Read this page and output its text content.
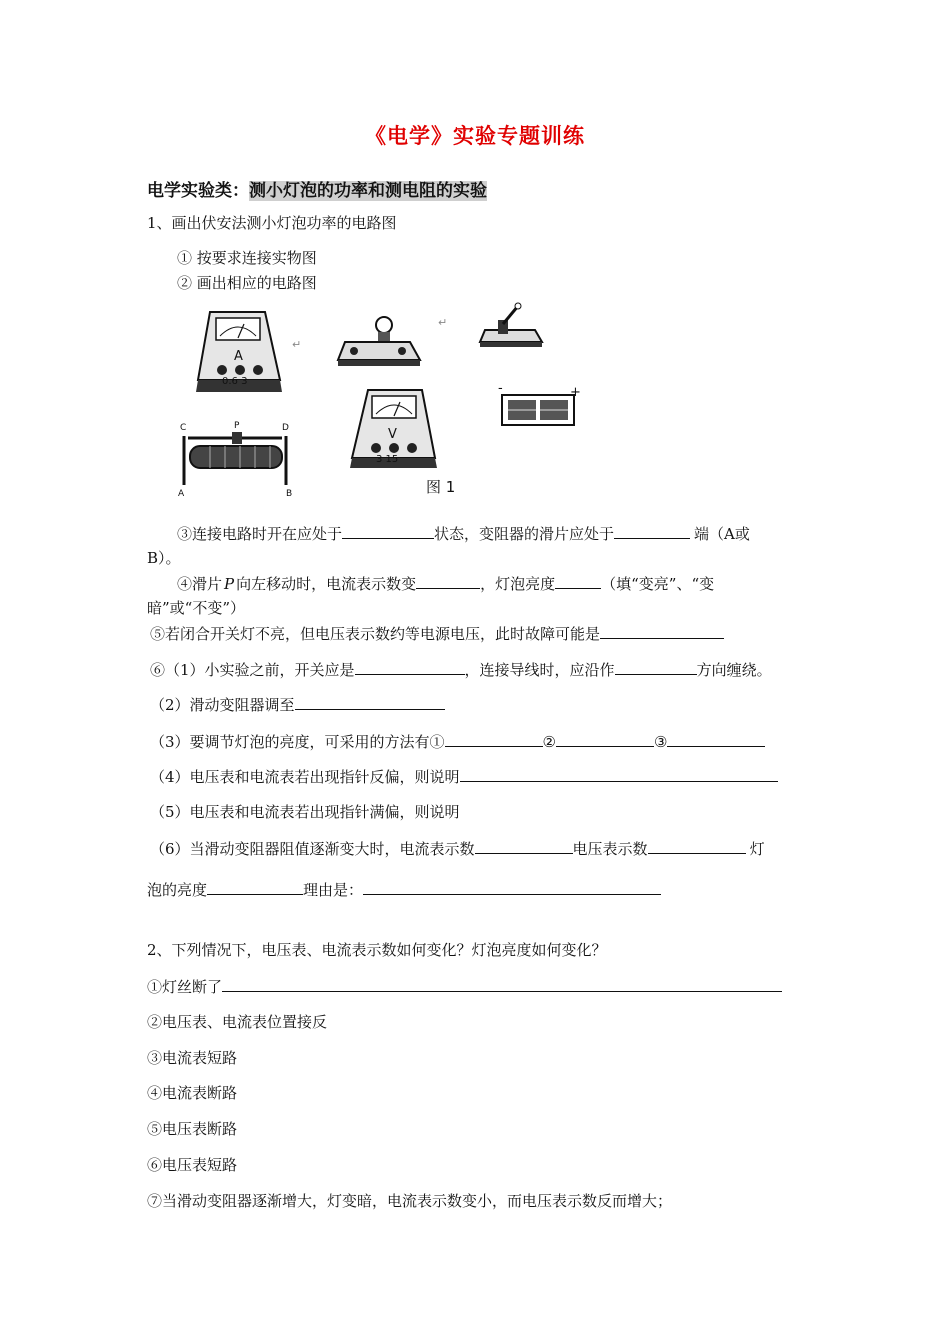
《电学》实验专题训练
电学实验类：测小灯泡的功率和测电阻的实验
1、画出伏安法测小灯泡功率的电路图
① 按要求连接实物图
② 画出相应的电路图
A
0.6 3
↵
↵
-	+
V
3 15
C	P	D
A	B	图 1
③连接电路时开在应处于	状态，变阻器的滑片应处于	端（A或
B）。
④滑片 P 向左移动时，电流表示数变	，灯泡亮度	（填“变亮”、“变
暗”或“不变”）
⑤若闭合开关灯不亮，但电压表示数约等电源电压，此时故障可能是
⑥（1）小实验之前，开关应是	，连接导线时，应沿作	方向缠绕。
（2）滑动变阻器调至
（3）要调节灯泡的亮度，可采用的方法有①	②	③
（4）电压表和电流表若出现指针反偏，则说明
（5）电压表和电流表若出现指针满偏，则说明
（6）当滑动变阻器阻值逐渐变大时，电流表示数	电压表示数	灯
泡的亮度	理由是：
2、下列情况下，电压表、电流表示数如何变化？灯泡亮度如何变化？
①灯丝断了
②电压表、电流表位置接反
③电流表短路
④电流表断路
⑤电压表断路
⑥电压表短路
⑦当滑动变阻器逐渐增大，灯变暗，电流表示数变小，而电压表示数反而增大；
